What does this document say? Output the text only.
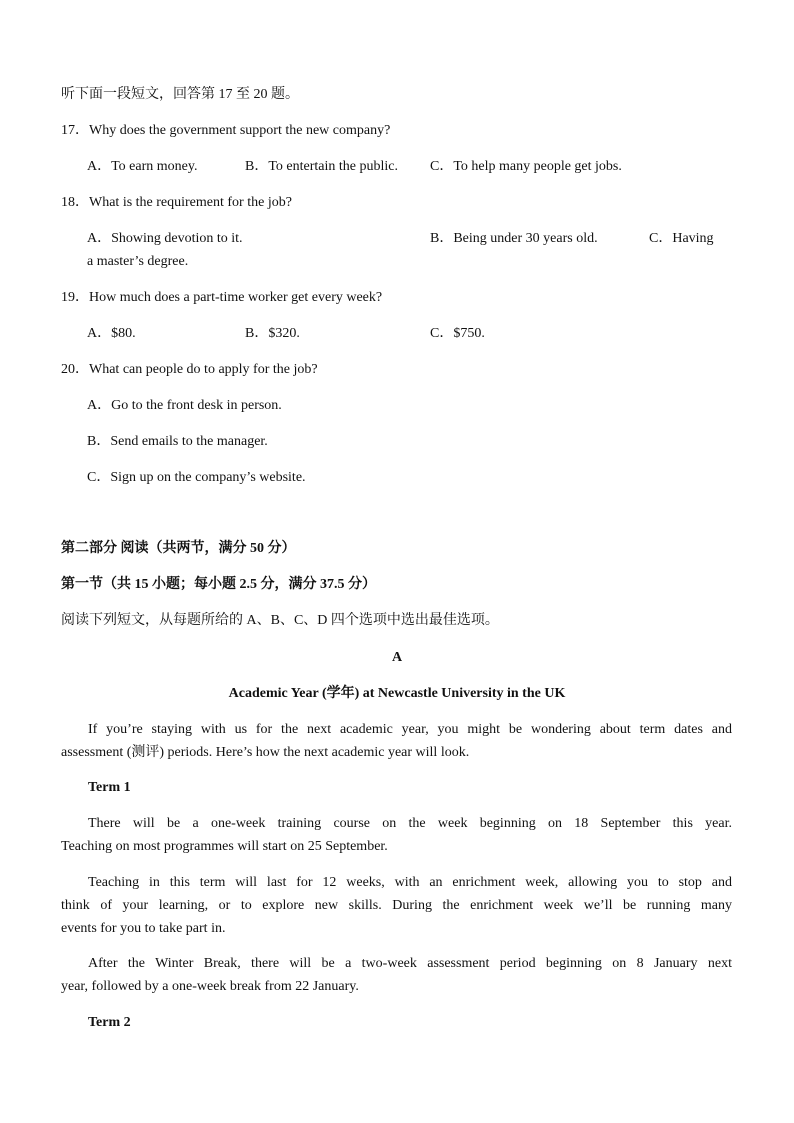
听下面一段短文，回答第 17 至 20 题。
17．Why does the government support the new company?
A．To earn money.	B．To entertain the public. C．To help many people get jobs.
18．What is the requirement for the job?
A．Showing devotion to it.	B．Being under 30 years old.	C．Having
a master’s degree.
19．How much does a part-time worker get every week?
A．$80.	B．$320.	C．$750.
20．What can people do to apply for the job?
A．Go to the front desk in person.
B．Send emails to the manager.
C．Sign up on the company’s website.
第二部分 阅读（共两节，满分 50 分）
第一节（共 15 小题；每小题 2.5 分，满分 37.5 分）
阅读下列短文，从每题所给的 A、B、C、D 四个选项中选出最佳选项。
A
Academic Year (学年) at Newcastle University in the UK
If you’re staying with us for the next academic year, you might be wondering about term dates and
assessment (测评) periods. Here’s how the next academic year will look.
Term 1
There will be a one-week training course on the week beginning on 18 September this year.
Teaching on most programmes will start on 25 September.
Teaching in this term will last for 12 weeks, with an enrichment week, allowing you to stop and
think of your learning, or to explore new skills. During the enrichment week we’ll be running many
events for you to take part in.
After the Winter Break, there will be a two-week assessment period beginning on 8 January next
year, followed by a one-week break from 22 January.
Term 2
